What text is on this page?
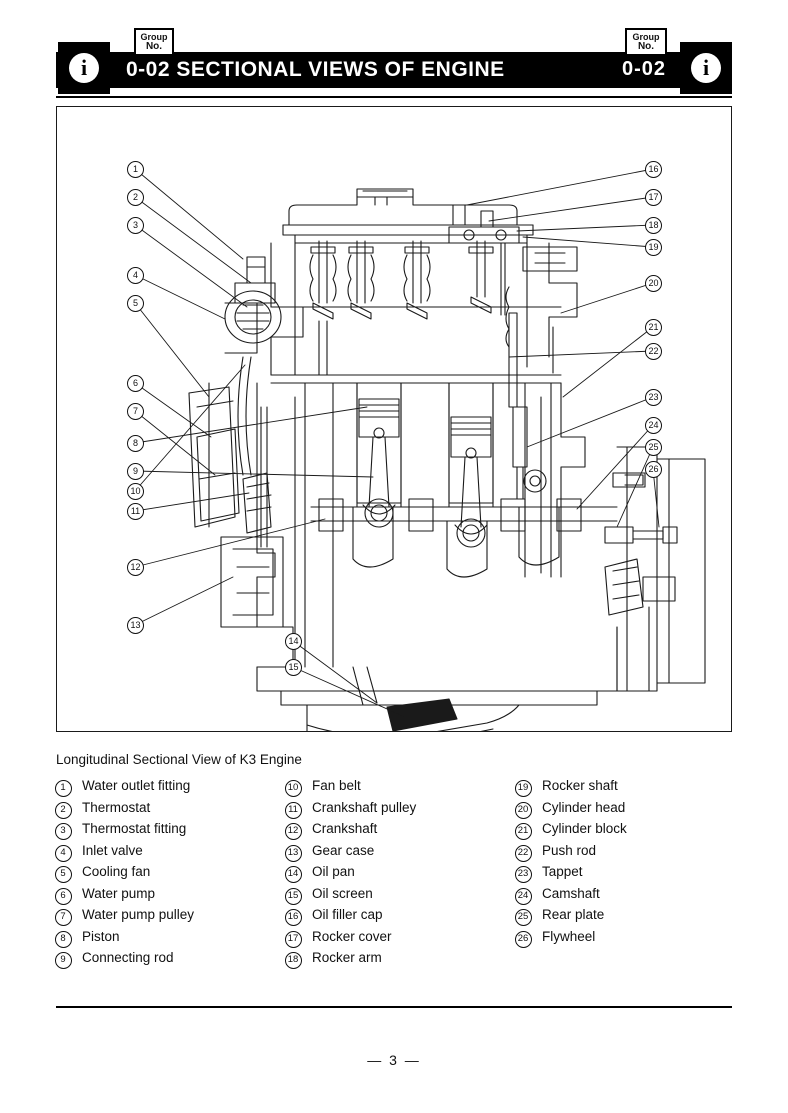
i
Group
No.
0-02 SECTIONAL VIEWS OF ENGINE
Group
No.
0-02	i
1
2
3
4
5
6
7
8
9
10
11
12
13
14
15
16
17
18
19
20
21
22
23
24
25
26
Longitudinal Sectional View of K3 Engine
1	Water outlet fitting
2	Thermostat
3	Thermostat fitting
4	Inlet valve
5	Cooling fan
6	Water pump
7	Water pump pulley
8	Piston
9	Connecting rod
10	Fan belt
11	Crankshaft pulley
12	Crankshaft
13	Gear case
14	Oil pan
15	Oil screen
16	Oil filler cap
17	Rocker cover
18	Rocker arm
19	Rocker shaft
20	Cylinder head
21	Cylinder block
22	Push rod
23	Tappet
24	Camshaft
25	Rear plate
26	Flywheel
— 3 —
